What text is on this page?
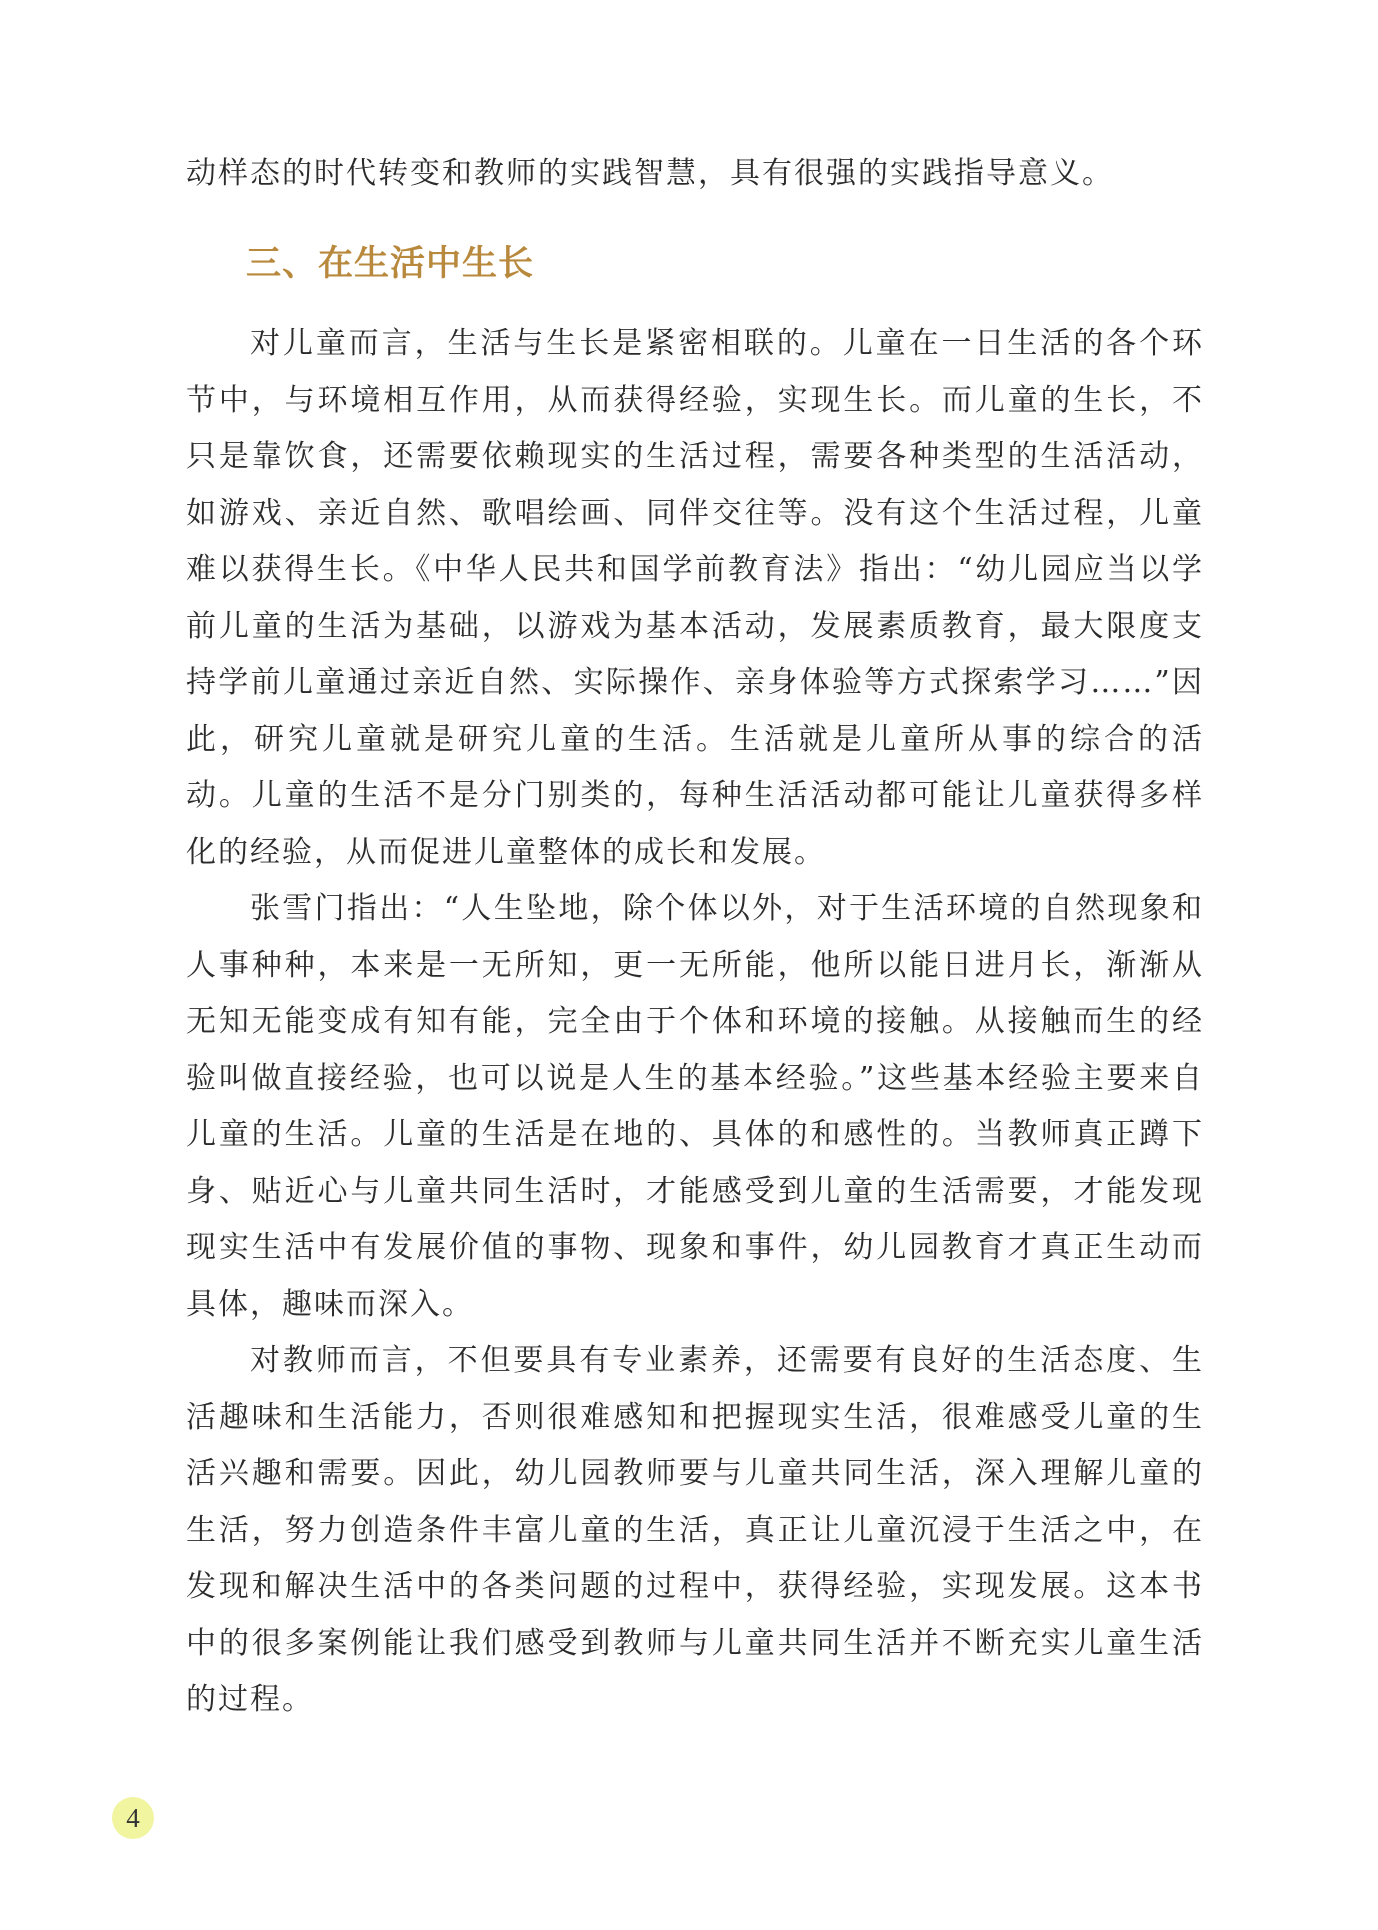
动样态的时代转变和教师的实践智慧，具有很强的实践指导意义。

三、在生活中生长

对儿童而言，生活与生长是紧密相联的。儿童在一日生活的各个环节中，与环境相互作用，从而获得经验，实现生长。而儿童的生长，不只是靠饮食，还需要依赖现实的生活过程，需要各种类型的生活活动，如游戏、亲近自然、歌唱绘画、同伴交往等。没有这个生活过程，儿童难以获得生长。《中华人民共和国学前教育法》指出：“幼儿园应当以学前儿童的生活为基础，以游戏为基本活动，发展素质教育，最大限度支持学前儿童通过亲近自然、实际操作、亲身体验等方式探索学习……”因此，研究儿童就是研究儿童的生活。生活就是儿童所从事的综合的活动。儿童的生活不是分门别类的，每种生活活动都可能让儿童获得多样化的经验，从而促进儿童整体的成长和发展。

张雪门指出：“人生坠地，除个体以外，对于生活环境的自然现象和人事种种，本来是一无所知，更一无所能，他所以能日进月长，渐渐从无知无能变成有知有能，完全由于个体和环境的接触。从接触而生的经验叫做直接经验，也可以说是人生的基本经验。”这些基本经验主要来自儿童的生活。儿童的生活是在地的、具体的和感性的。当教师真正蹲下身、贴近心与儿童共同生活时，才能感受到儿童的生活需要，才能发现现实生活中有发展价值的事物、现象和事件，幼儿园教育才真正生动而具体，趣味而深入。

对教师而言，不但要具有专业素养，还需要有良好的生活态度、生活趣味和生活能力，否则很难感知和把握现实生活，很难感受儿童的生活兴趣和需要。因此，幼儿园教师要与儿童共同生活，深入理解儿童的生活，努力创造条件丰富儿童的生活，真正让儿童沉浸于生活之中，在发现和解决生活中的各类问题的过程中，获得经验，实现发展。这本书中的很多案例能让我们感受到教师与儿童共同生活并不断充实儿童生活的过程。

4
